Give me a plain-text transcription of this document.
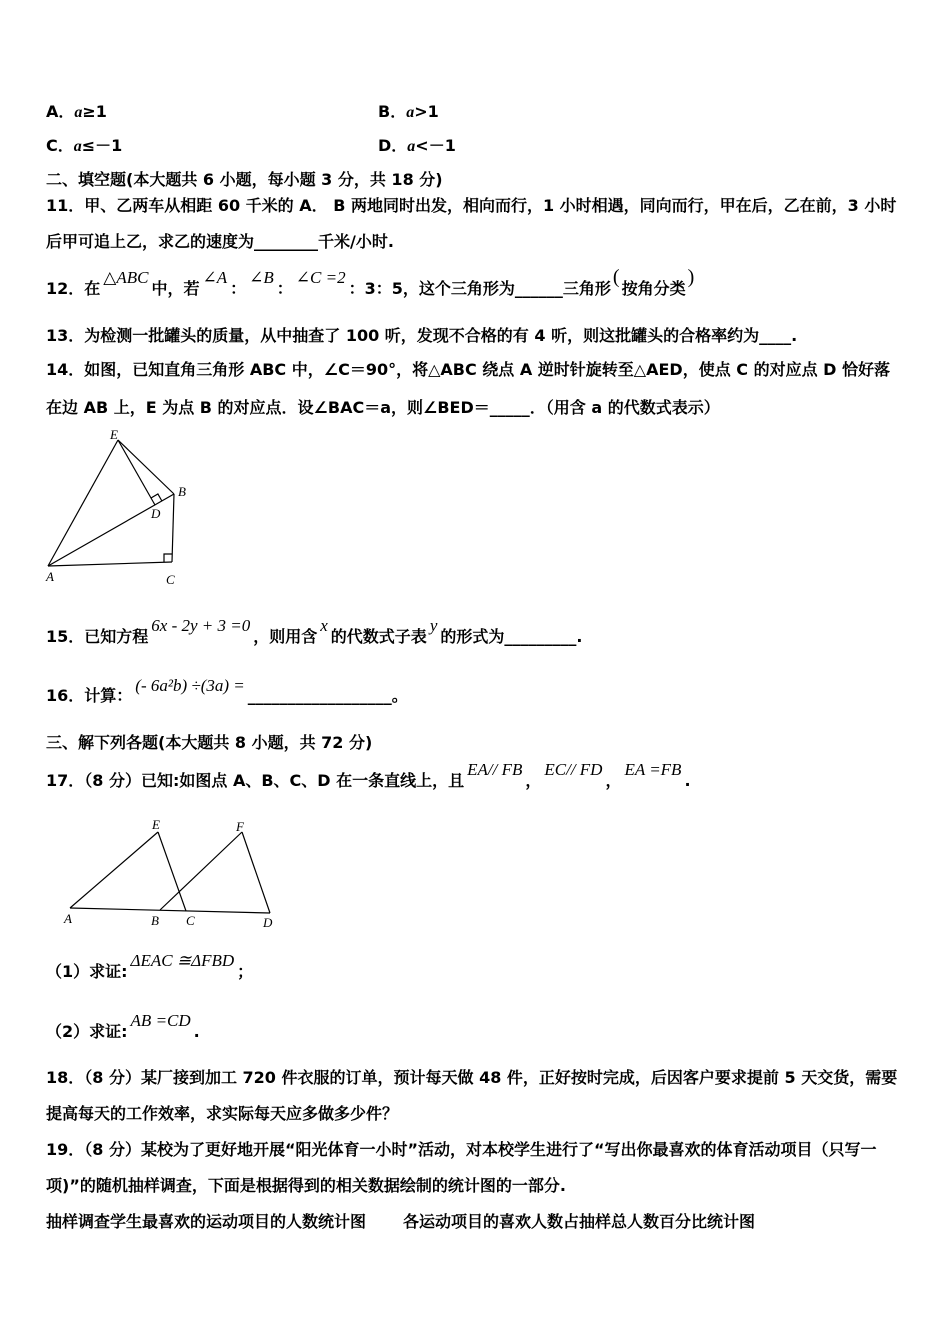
A．a≥1	B．a>1
C．a≤－1	D．a<－1
二、填空题(本大题共 6 小题，每小题 3 分，共 18 分)
11．甲、乙两车从相距 60 千米的 A． B 两地同时出发，相向而行，1 小时相遇，同向而行，甲在后，乙在前，3 小时
后甲可追上乙，求乙的速度为________千米/小时.
12．在△ABC中，若∠A：∠B：∠C =2：3：5，这个三角形为______三角形(按角分类)
13．为检测一批罐头的质量，从中抽查了 100 听，发现不合格的有 4 听，则这批罐头的合格率约为____.
14．如图，已知直角三角形 ABC 中，∠C＝90°，将△ABC 绕点 A 逆时针旋转至△AED，使点 C 的对应点 D 恰好落
在边 AB 上，E 为点 B 的对应点．设∠BAC＝a，则∠BED＝_____．（用含 a 的代数式表示）
E
B
D
A	C
15．已知方程6x - 2y + 3 =0，则用含x的代数式子表y的形式为_________.
16．计算：(- 6a²b) ÷(3a) =__________________。
三、解下列各题(本大题共 8 小题，共 72 分)
17．（8 分）已知:如图点 A、B、C、D 在一条直线上，且EA// FB，EC// FD，EA =FB.
E	F
A	B C	D
（1）求证:ΔEAC ≅ΔFBD；
（2）求证:AB =CD.
18．（8 分）某厂接到加工 720 件衣服的订单，预计每天做 48 件，正好按时完成，后因客户要求提前 5 天交货，需要
提高每天的工作效率，求实际每天应多做多少件？
19．（8 分）某校为了更好地开展“阳光体育一小时”活动，对本校学生进行了“写出你最喜欢的体育活动项目（只写一
项)”的随机抽样调查，下面是根据得到的相关数据绘制的统计图的一部分.
抽样调查学生最喜欢的运动项目的人数统计图 各运动项目的喜欢人数占抽样总人数百分比统计图
